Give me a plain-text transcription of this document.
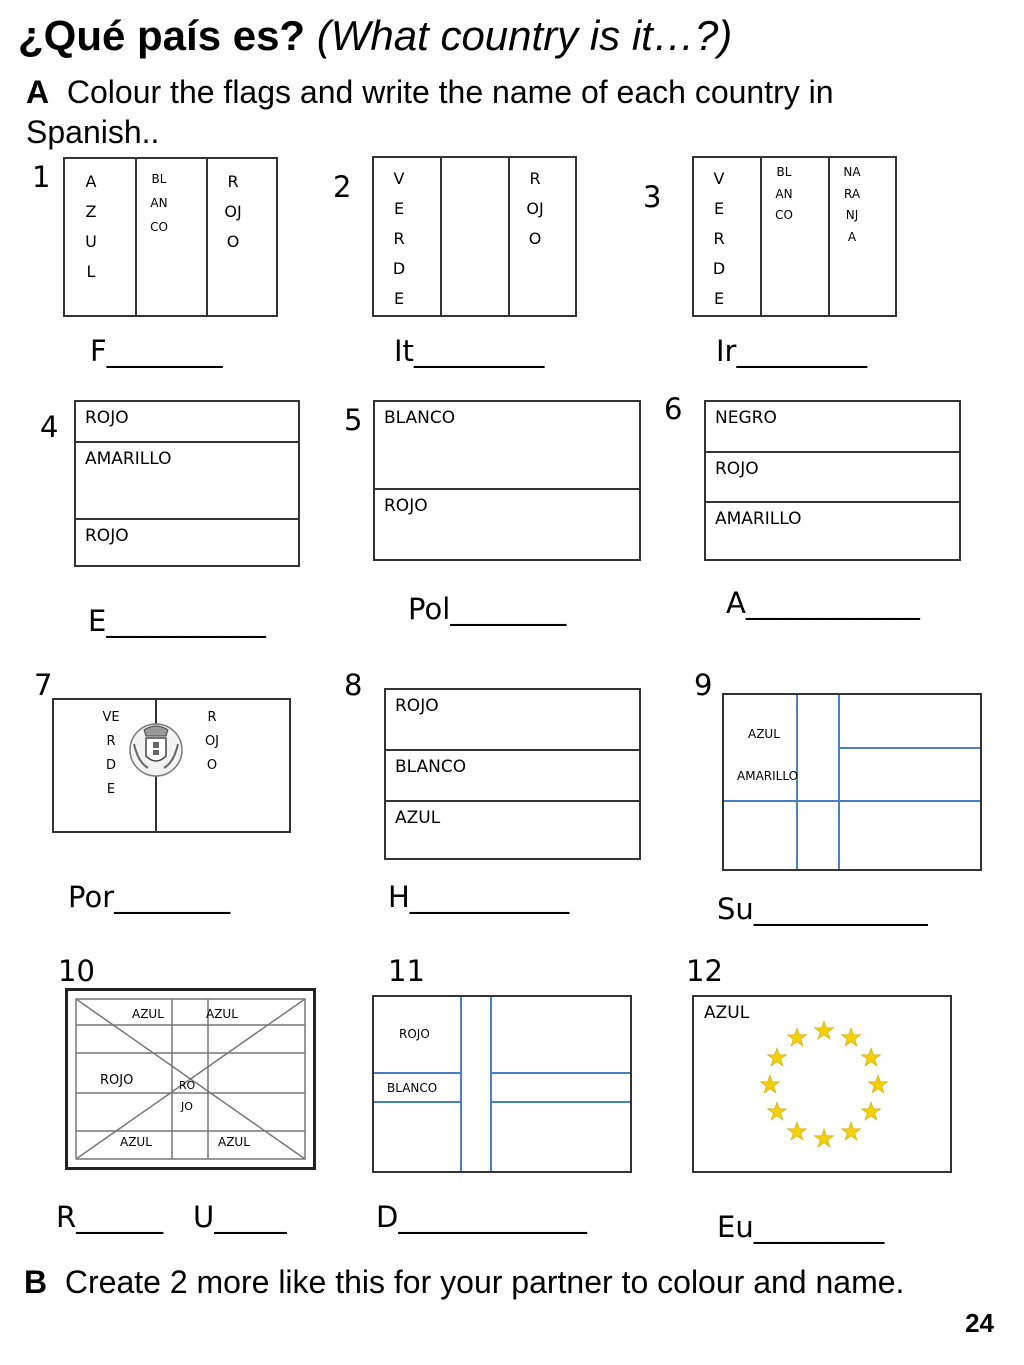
¿Qué país es? (What country is it…?)
A Colour the flags and write the name of each country in Spanish..
1 AZUL
BLANCO
ROJO
F________
2	VERDE
ROJO
It_________
3
VERDE
BLANCO
NARANJA
Ir_________
4 ROJO
AMARILLO
ROJO
E___________
5 BLANCO
ROJO
Pol________
6 NEGRO
ROJO
AMARILLO
A____________
7
VERDE
ROJO
Por________
8
ROJO
BLANCO
AZUL
H___________
9
AZUL
AMARILLO
Su____________
10
AZUL	AZUL
ROJO	ROJO
AZUL	AZUL
R______ U_____
11
ROJO
BLANCO
D_____________
12
AZUL
Eu_________
B Create 2 more like this for your partner to colour and name.
24
